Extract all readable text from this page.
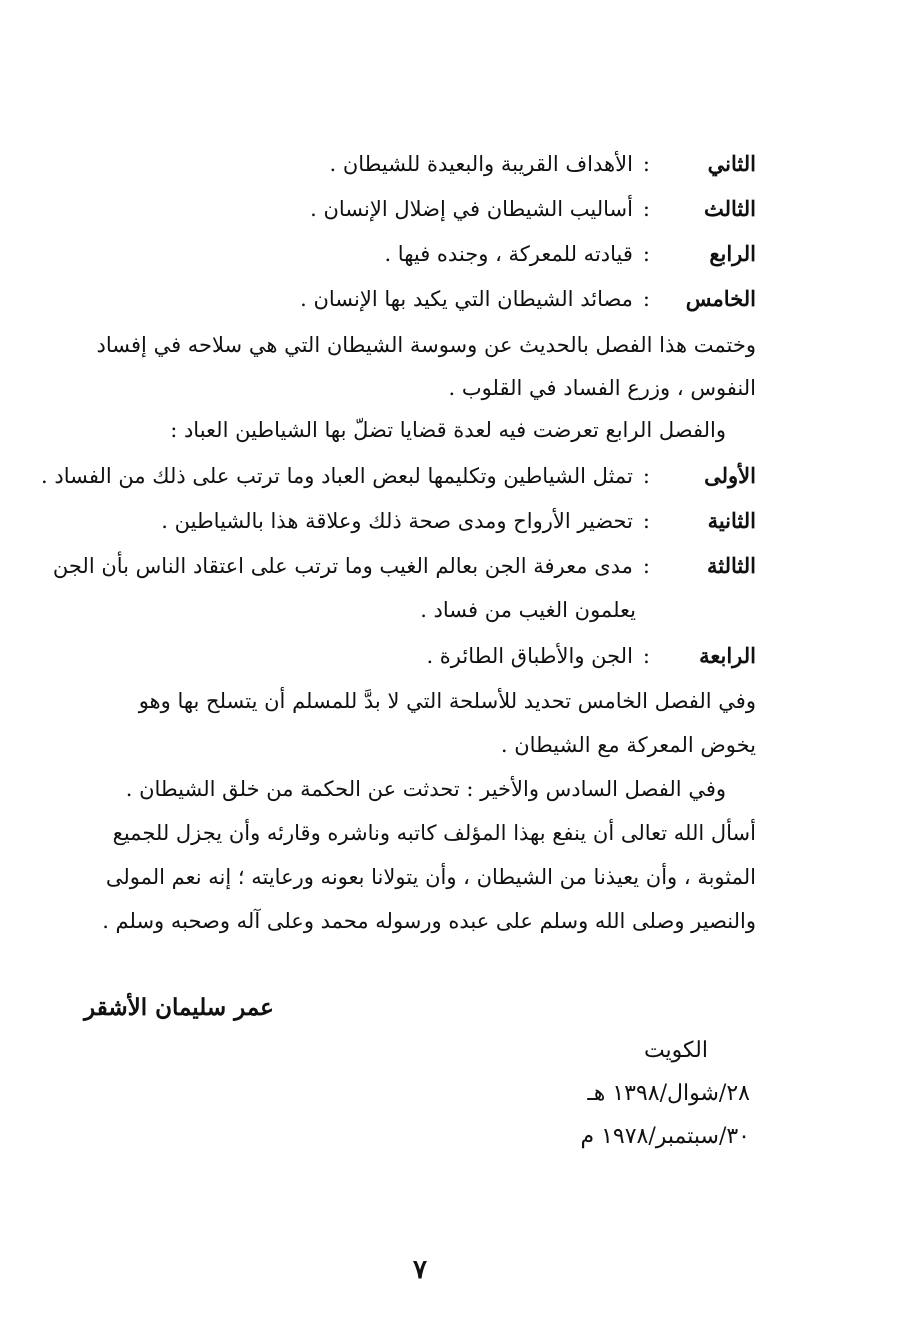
الثاني:الأهداف القريبة والبعيدة للشيطان .
الثالث:أساليب الشيطان في إضلال الإنسان .
الرابع:قيادته للمعركة ، وجنده فيها .
الخامس:مصائد الشيطان التي يكيد بها الإنسان .
وختمت هذا الفصل بالحديث عن وسوسة الشيطان التي هي سلاحه في إفساد
النفوس ، وزرع الفساد في القلوب .
والفصل الرابع تعرضت فيه لعدة قضايا تضلّ بها الشياطين العباد :
الأولى:تمثل الشياطين وتكليمها لبعض العباد وما ترتب على ذلك من الفساد .
الثانية:تحضير الأرواح ومدى صحة ذلك وعلاقة هذا بالشياطين .
الثالثة:مدى معرفة الجن بعالم الغيب وما ترتب على اعتقاد الناس بأن الجن
يعلمون الغيب من فساد .
الرابعة:الجن والأطباق الطائرة .
وفي الفصل الخامس تحديد للأسلحة التي لا بدَّ للمسلم أن يتسلح بها وهو
يخوض المعركة مع الشيطان .
وفي الفصل السادس والأخير : تحدثت عن الحكمة من خلق الشيطان .
أسأل الله تعالى أن ينفع بهذا المؤلف كاتبه وناشره وقارئه وأن يجزل للجميع
المثوبة ، وأن يعيذنا من الشيطان ، وأن يتولانا بعونه ورعايته ؛ إنه نعم المولى
والنصير وصلى الله وسلم على عبده ورسوله محمد وعلى آله وصحبه وسلم .
عمر سليمان الأشقر
الكويت
٢٨/شوال/١٣٩٨ هـ
٣٠/سبتمبر/١٩٧٨ م
٧
